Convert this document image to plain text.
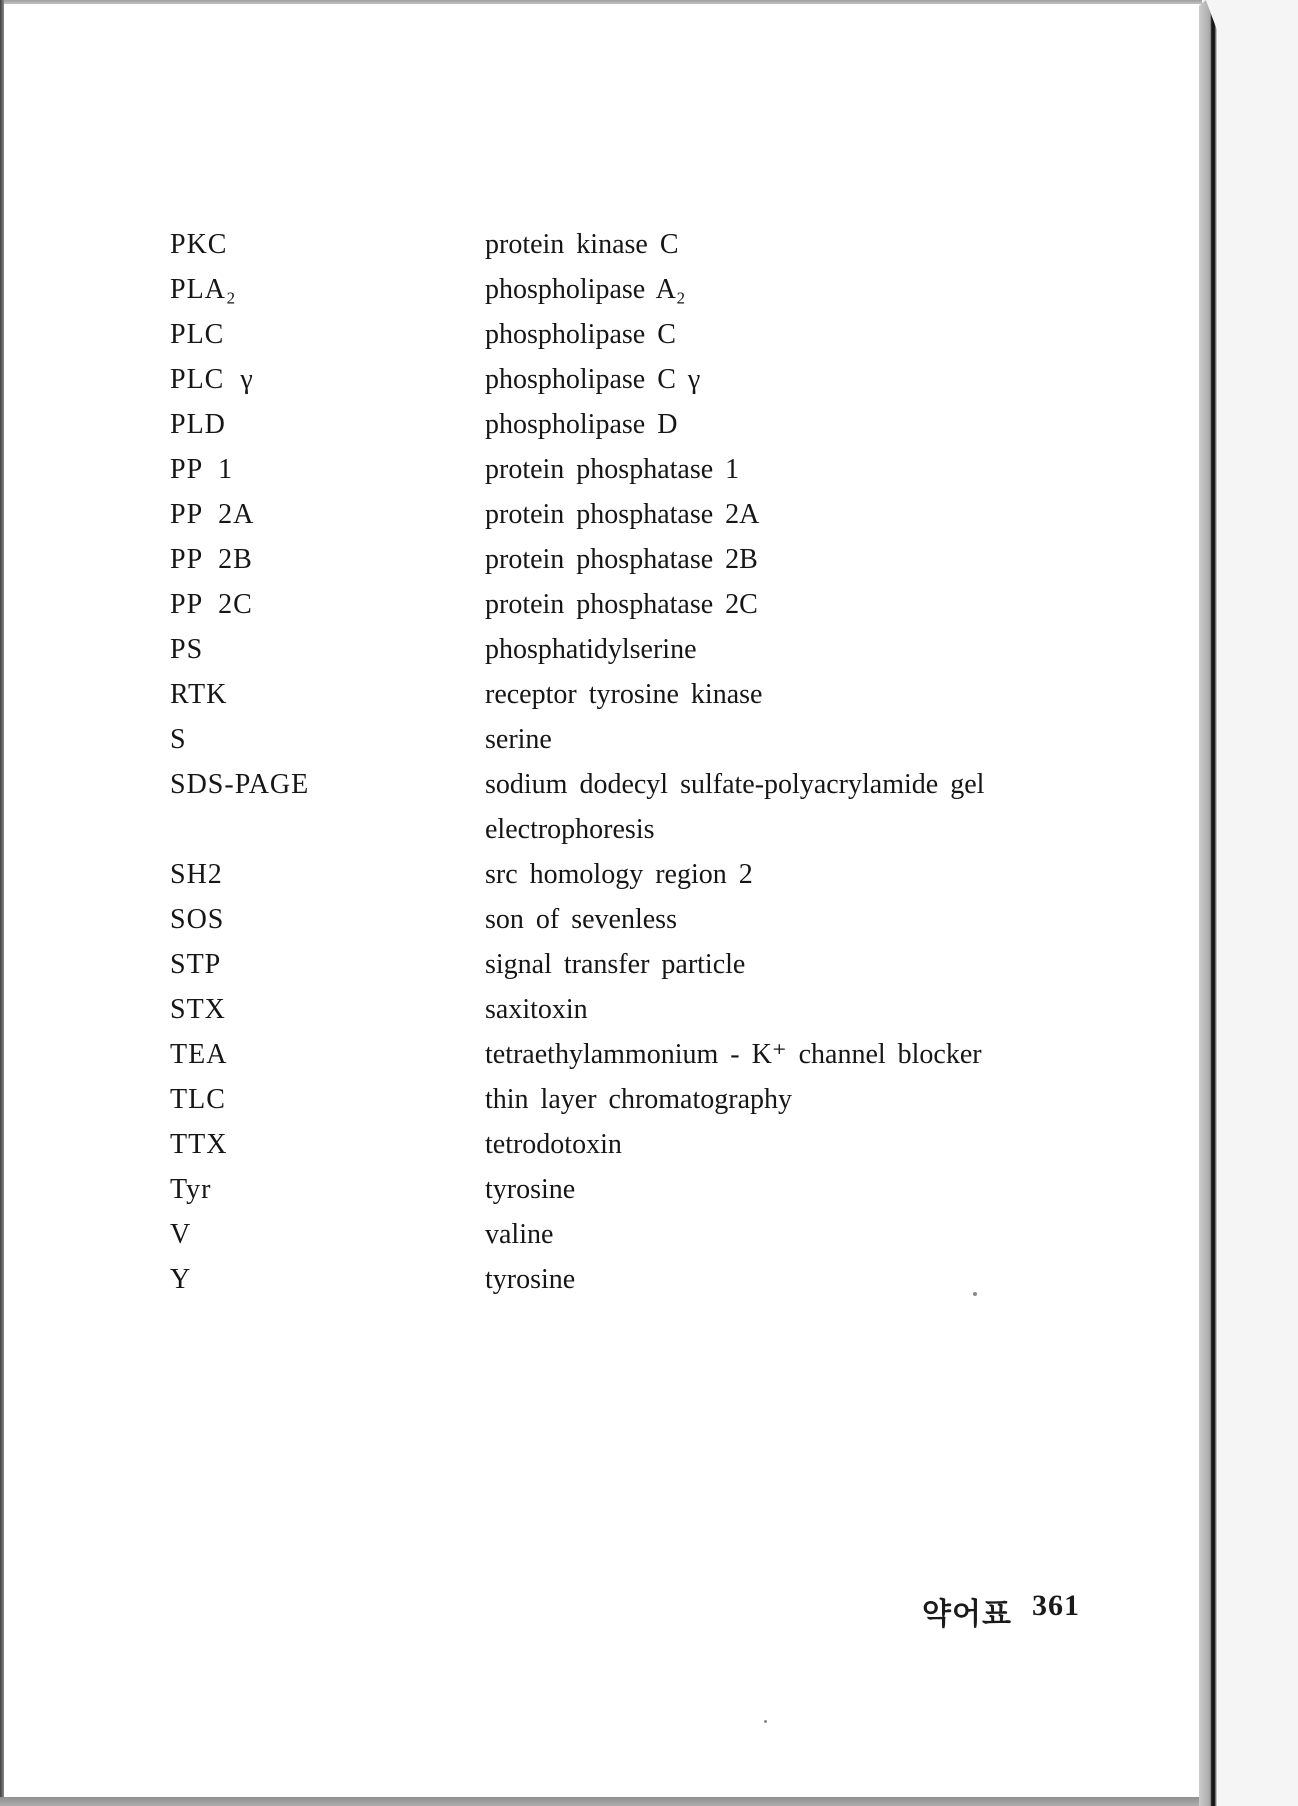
PKC	protein kinase C
PLA₂	phospholipase A₂
PLC	phospholipase C
PLC γ	phospholipase C γ
PLD	phospholipase D
PP 1	protein phosphatase 1
PP 2A	protein phosphatase 2A
PP 2B	protein phosphatase 2B
PP 2C	protein phosphatase 2C
PS	phosphatidylserine
RTK	receptor tyrosine kinase
S	serine
SDS-PAGE	sodium dodecyl sulfate-polyacrylamide gel
electrophoresis
SH2	src homology region 2
SOS	son of sevenless
STP	signal transfer particle
STX	saxitoxin
TEA	tetraethylammonium - K⁺ channel blocker
TLC	thin layer chromatography
TTX	tetrodotoxin
Tyr	tyrosine
V	valine
Y	tyrosine
약어표 361
